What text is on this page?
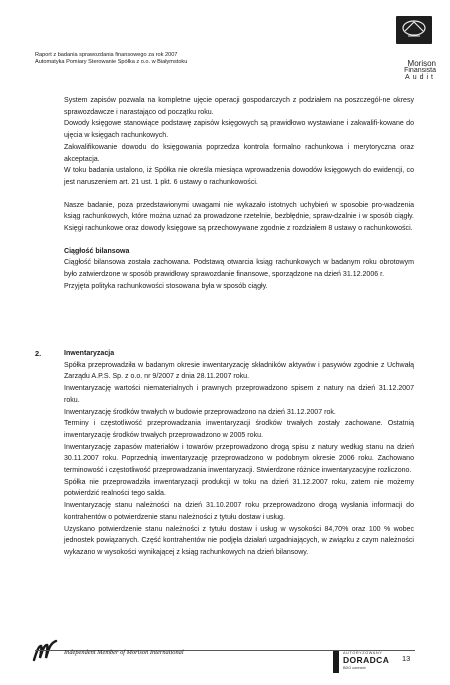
Raport z badania sprawozdania finansowego za rok 2007
Automatyka Pomiary Sterowanie Spółka z o.o. w Białymstoku	Morison
Finansista
Audit

System zapisów pozwala na kompletne ujęcie operacji gospodarczych z podziałem na poszczegól-ne okresy sprawozdawcze i narastająco od początku roku.

Dowody księgowe stanowiące podstawę zapisów księgowych są prawidłowo wystawiane i zakwalifi-kowane do ujęcia w księgach rachunkowych.

Zakwalifikowanie dowodu do księgowania poprzedza kontrola formalno rachunkowa i merytoryczna oraz akceptacja.

W toku badania ustalono, iż Spółka nie określa miesiąca wprowadzenia dowodów księgowych do ewidencji, co jest naruszeniem art. 21 ust. 1 pkt. 6 ustawy o rachunkowości.

Nasze badanie, poza przedstawionymi uwagami nie wykazało istotnych uchybień w sposobie pro-wadzenia ksiąg rachunkowych, które można uznać za prowadzone rzetelnie, bezbłędnie, spraw-dzalnie i w sposób ciągły. Księgi rachunkowe oraz dowody księgowe są przechowywane zgodnie z rozdziałem 8 ustawy o rachunkowości.

Ciągłość bilansowa

Ciągłość bilansowa została zachowana. Podstawą otwarcia ksiąg rachunkowych w badanym roku obrotowym było zatwierdzone w sposób prawidłowy sprawozdanie finansowe, sporządzone na dzień 31.12.2006 r.

Przyjęta polityka rachunkowości stosowana była w sposób ciągły.

2.	Inwentaryzacja

Spółka przeprowadziła w badanym okresie inwentaryzację składników aktywów i pasywów zgodnie z Uchwałą Zarządu A.P.S. Sp. z o.o. nr 9/2007 z dnia 28.11.2007 roku.

Inwentaryzację wartości niematerialnych i prawnych przeprowadzono spisem z natury na dzień 31.12.2007 roku.

Inwentaryzację środków trwałych w budowie przeprowadzono na dzień 31.12.2007 rok.

Terminy i częstotliwość przeprowadzania inwentaryzacji środków trwałych zostały zachowane. Ostatnią inwentaryzację środków trwałych przeprowadzono w 2005 roku.

Inwentaryzację zapasów materiałów i towarów przeprowadzono drogą spisu z natury według stanu na dzień 30.11.2007 roku. Poprzednią inwentaryzację przeprowadzono w podobnym okresie 2006 roku. Zachowano terminowość i częstotliwość przeprowadzania inwentaryzacji. Stwierdzone różnice inwentaryzacyjne rozliczono.

Spółka nie przeprowadziła inwentaryzacji produkcji w toku na dzień 31.12.2007 roku, zatem nie możemy potwierdzić realności tego salda.

Inwentaryzację stanu należności na dzień 31.10.2007 roku przeprowadzono drogą wysłania informacji do kontrahentów o potwierdzenie stanu należności z tytułu dostaw i usług.

Uzyskano potwierdzenie stanu należności z tytułu dostaw i usług w wysokości 84,70% oraz 100 % wobec jednostek powiązanych. Część kontrahentów nie podjęła działań uzgadniających, w związku z czym należności wykazano w wysokości wynikającej z ksiąg rachunkowych na dzień bilansowy.

Independent Member of Morison International	AUTORYZOWANY
DORADCA
BDO connect
13
